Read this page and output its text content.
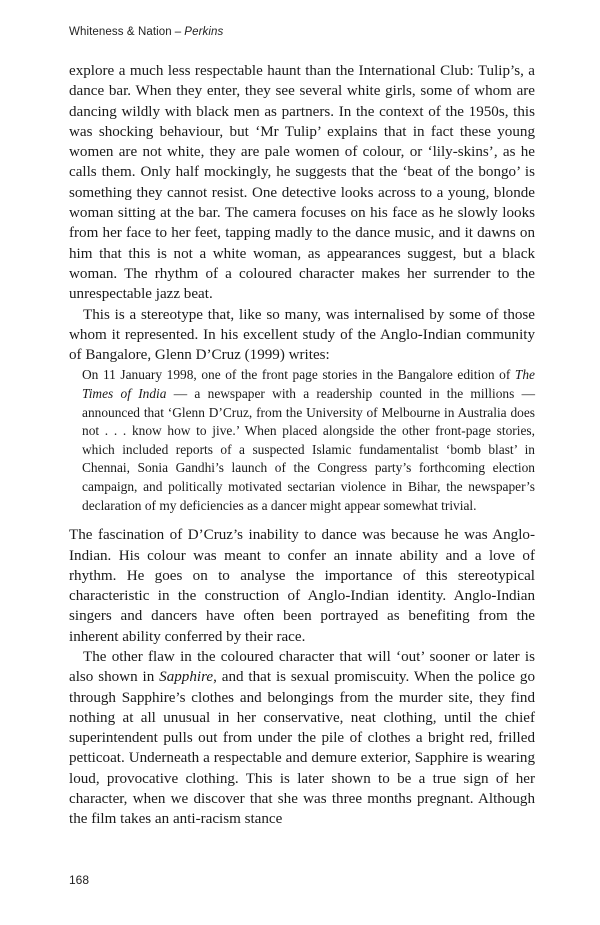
Whiteness & Nation – Perkins

explore a much less respectable haunt than the International Club: Tulip’s, a dance bar. When they enter, they see several white girls, some of whom are dancing wildly with black men as partners. In the context of the 1950s, this was shocking behaviour, but ‘Mr Tulip’ explains that in fact these young women are not white, they are pale women of colour, or ‘lily-skins’, as he calls them. Only half mockingly, he suggests that the ‘beat of the bongo’ is something they cannot resist. One detective looks across to a young, blonde woman sitting at the bar. The camera focuses on his face as he slowly looks from her face to her feet, tapping madly to the dance music, and it dawns on him that this is not a white woman, as appearances suggest, but a black woman. The rhythm of a coloured character makes her surrender to the unrespectable jazz beat.

This is a stereotype that, like so many, was internalised by some of those whom it represented. In his excellent study of the Anglo-Indian community of Bangalore, Glenn D’Cruz (1999) writes:

On 11 January 1998, one of the front page stories in the Bangalore edition of The Times of India — a newspaper with a readership counted in the millions — announced that ‘Glenn D’Cruz, from the University of Melbourne in Australia does not . . . know how to jive.’ When placed alongside the other front-page stories, which included reports of a suspected Islamic fundamentalist ‘bomb blast’ in Chennai, Sonia Gandhi’s launch of the Congress party’s forthcoming election campaign, and politically motivated sectarian violence in Bihar, the newspaper’s declaration of my deficiencies as a dancer might appear somewhat trivial.

The fascination of D’Cruz’s inability to dance was because he was Anglo-Indian. His colour was meant to confer an innate ability and a love of rhythm. He goes on to analyse the importance of this stereotypical characteristic in the construction of Anglo-Indian identity. Anglo-Indian singers and dancers have often been portrayed as benefiting from the inherent ability conferred by their race.

The other flaw in the coloured character that will ‘out’ sooner or later is also shown in Sapphire, and that is sexual promiscuity. When the police go through Sapphire’s clothes and belongings from the murder site, they find nothing at all unusual in her conservative, neat clothing, until the chief superintendent pulls out from under the pile of clothes a bright red, frilled petticoat. Underneath a respectable and demure exterior, Sapphire is wearing loud, provocative clothing. This is later shown to be a true sign of her character, when we discover that she was three months pregnant. Although the film takes an anti-racism stance

168
